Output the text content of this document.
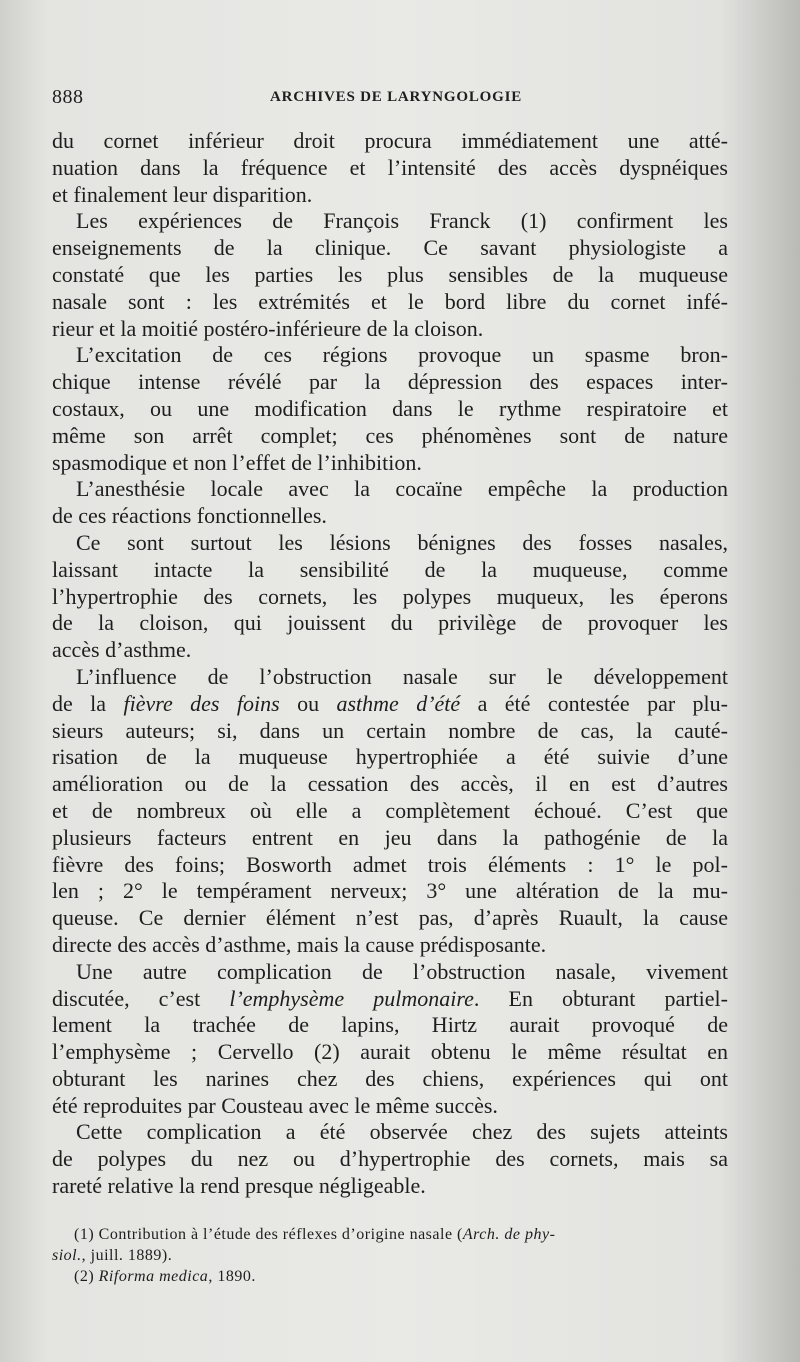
888	ARCHIVES DE LARYNGOLOGIE
du cornet inférieur droit procura immédiatement une atté-
nuation dans la fréquence et l’intensité des accès dyspnéiques
et finalement leur disparition.
Les expériences de François Franck (1) confirment les
enseignements de la clinique. Ce savant physiologiste a
constaté que les parties les plus sensibles de la muqueuse
nasale sont : les extrémités et le bord libre du cornet infé-
rieur et la moitié postéro-inférieure de la cloison.
L’excitation de ces régions provoque un spasme bron-
chique intense révélé par la dépression des espaces inter-
costaux, ou une modification dans le rythme respiratoire et
même son arrêt complet; ces phénomènes sont de nature
spasmodique et non l’effet de l’inhibition.
L’anesthésie locale avec la cocaïne empêche la production
de ces réactions fonctionnelles.
Ce sont surtout les lésions bénignes des fosses nasales,
laissant intacte la sensibilité de la muqueuse, comme
l’hypertrophie des cornets, les polypes muqueux, les éperons
de la cloison, qui jouissent du privilège de provoquer les
accès d’asthme.
L’influence de l’obstruction nasale sur le développement
de la fièvre des foins ou asthme d’été a été contestée par plu-
sieurs auteurs; si, dans un certain nombre de cas, la cauté-
risation de la muqueuse hypertrophiée a été suivie d’une
amélioration ou de la cessation des accès, il en est d’autres
et de nombreux où elle a complètement échoué. C’est que
plusieurs facteurs entrent en jeu dans la pathogénie de la
fièvre des foins; Bosworth admet trois éléments : 1° le pol-
len ; 2° le tempérament nerveux; 3° une altération de la mu-
queuse. Ce dernier élément n’est pas, d’après Ruault, la cause
directe des accès d’asthme, mais la cause prédisposante.
Une autre complication de l’obstruction nasale, vivement
discutée, c’est l’emphysème pulmonaire. En obturant partiel-
lement la trachée de lapins, Hirtz aurait provoqué de
l’emphysème ; Cervello (2) aurait obtenu le même résultat en
obturant les narines chez des chiens, expériences qui ont
été reproduites par Cousteau avec le même succès.
Cette complication a été observée chez des sujets atteints
de polypes du nez ou d’hypertrophie des cornets, mais sa
rareté relative la rend presque négligeable.
(1) Contribution à l’étude des réflexes d’origine nasale (Arch. de phy-
siol., juill. 1889).
(2) Riforma medica, 1890.
